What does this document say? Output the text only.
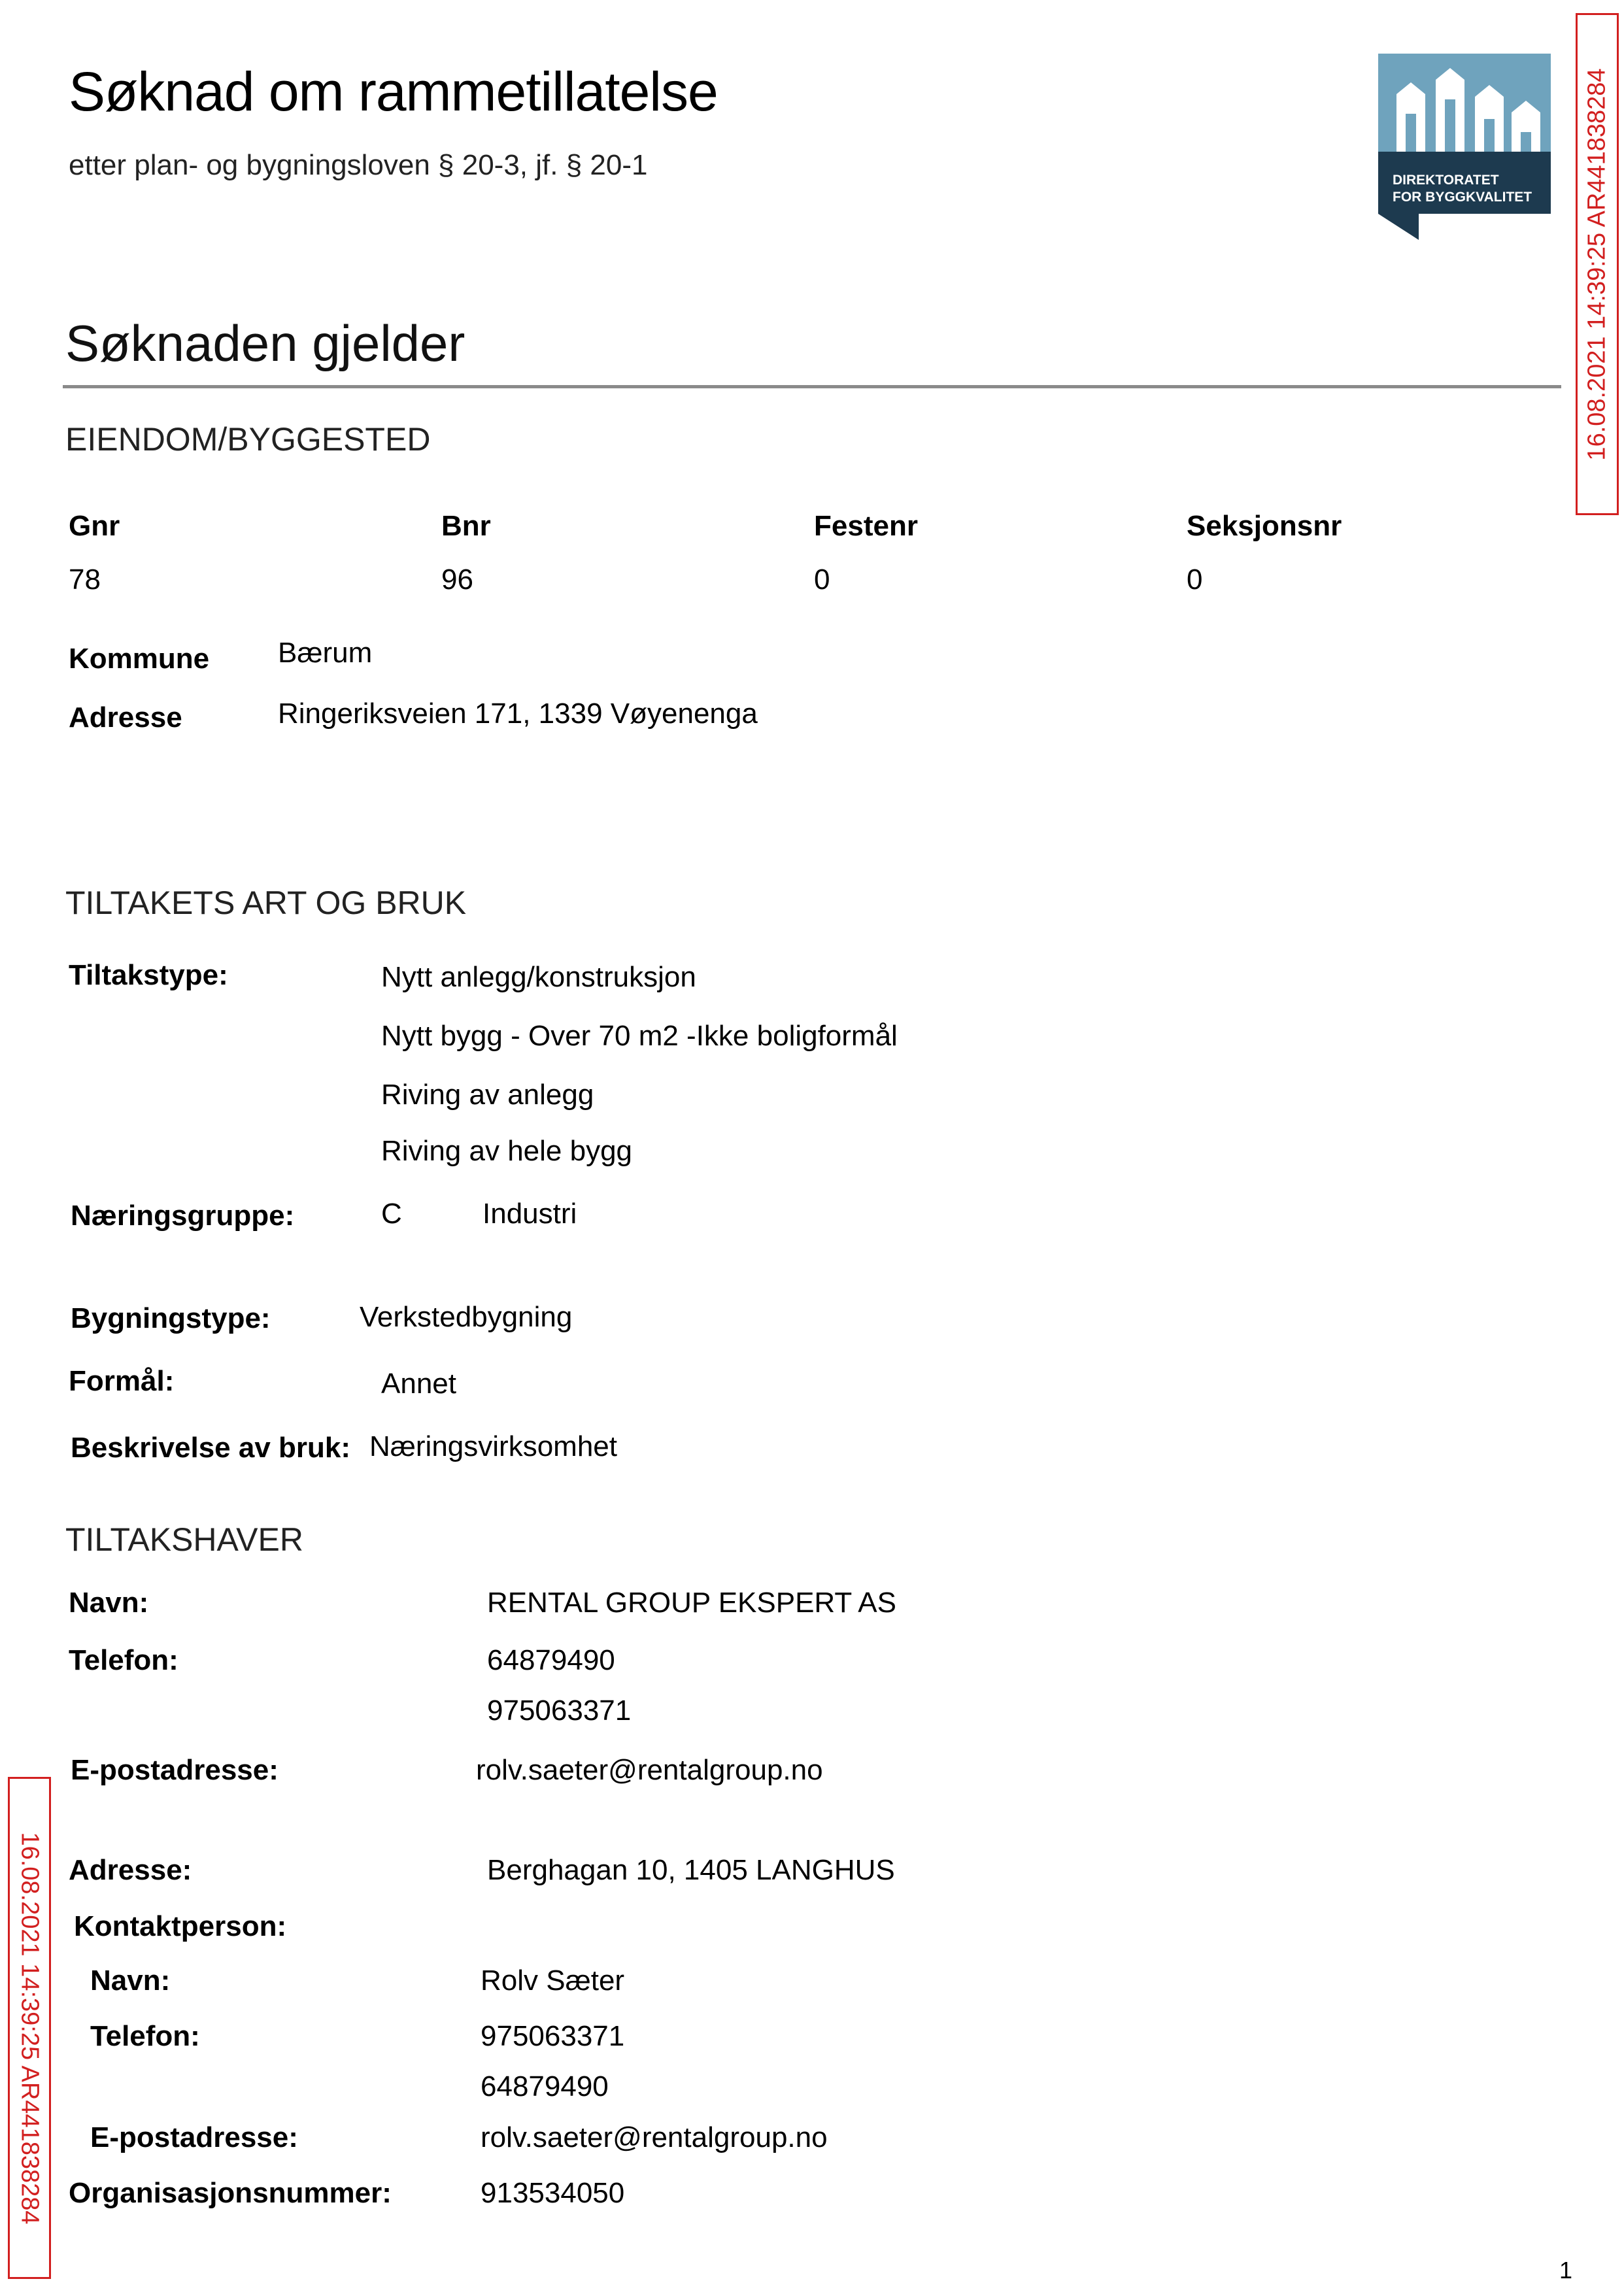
Søknad om rammetillatelse
etter plan- og bygningsloven § 20-3, jf. § 20-1	DIREKTORATET
FOR BYGGKVALITET 16.08.2021 14:39:25 AR441838284
16.08.2021 14:39:25 AR441838284
Søknaden gjelder
EIENDOM/BYGGESTED
Gnr	Bnr	Festenr	Seksjonsnr
78	96	0	0
Kommune Bærum
Adresse	Ringeriksveien 171, 1339 Vøyenenga
TILTAKETS ART OG BRUK
Tiltakstype:	Nytt anlegg/konstruksjon
Nytt bygg - Over 70 m2 -Ikke boligformål
Riving av anlegg
Riving av hele bygg
Næringsgruppe:	C	Industri
Bygningstype:	Verkstedbygning
Formål:	Annet
Beskrivelse av bruk: Næringsvirksomhet
TILTAKSHAVER
Navn:	RENTAL GROUP EKSPERT AS
Telefon:	64879490
975063371
E-postadresse:	rolv.saeter@rentalgroup.no
Adresse:	Berghagan 10, 1405 LANGHUS
Kontaktperson:
Navn:	Rolv Sæter
Telefon:	975063371
64879490
E-postadresse:	rolv.saeter@rentalgroup.no
Organisasjonsnummer:	913534050
1
